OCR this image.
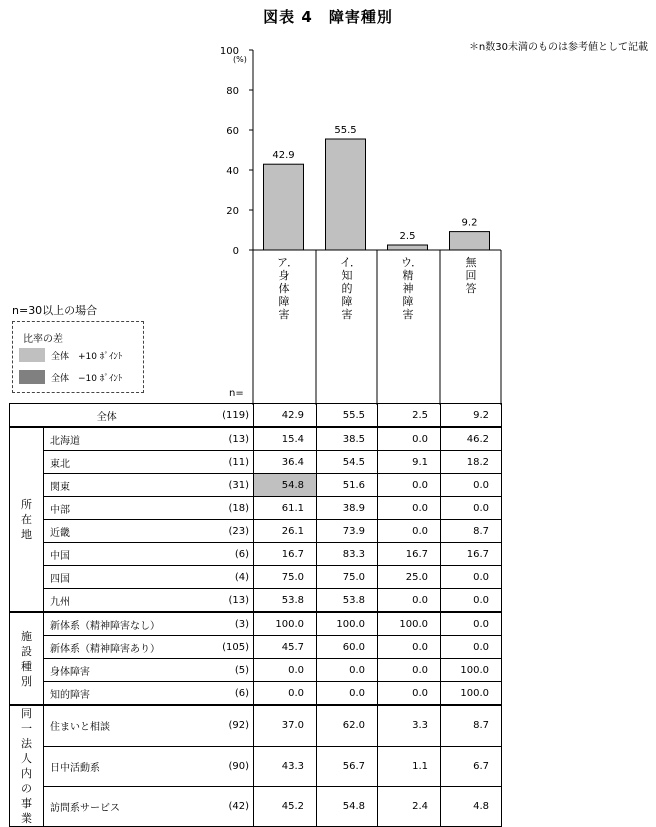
図表 4　障害種別
＊n数30未満のものは参考値として記載
0
20
40
60
80
100
(%)
42.9
55.5
2.5
9.2
ア．身体障害
イ．知的障害
ウ．精神障害
無回答
n=30以上の場合
比率の差
全体　+10 ﾎﾟｲﾝﾄ
全体　−10 ﾎﾟｲﾝﾄ
n=
全体		(119)	42.9	55.5	2.5	9.2

所在地	北海道	(13)	15.4	38.5	0.0	46.2
	東北	(11)	36.4	54.5	9.1	18.2
	関東	(31)	54.8	51.6	0.0	0.0
	中部	(18)	61.1	38.9	0.0	0.0
	近畿	(23)	26.1	73.9	0.0	8.7
	中国	(6)	16.7	83.3	16.7	16.7
	四国	(4)	75.0	75.0	25.0	0.0
	九州	(13)	53.8	53.8	0.0	0.0

施設種別	新体系（精神障害なし）	(3)	100.0	100.0	100.0	0.0
	新体系（精神障害あり）	(105)	45.7	60.0	0.0	0.0
	身体障害	(5)	0.0	0.0	0.0	100.0
	知的障害	(6)	0.0	0.0	0.0	100.0

同一法人内の事業	住まいと相談	(92)	37.0	62.0	3.3	8.7
	日中活動系	(90)	43.3	56.7	1.1	6.7
	訪問系サービス	(42)	45.2	54.8	2.4	4.8
